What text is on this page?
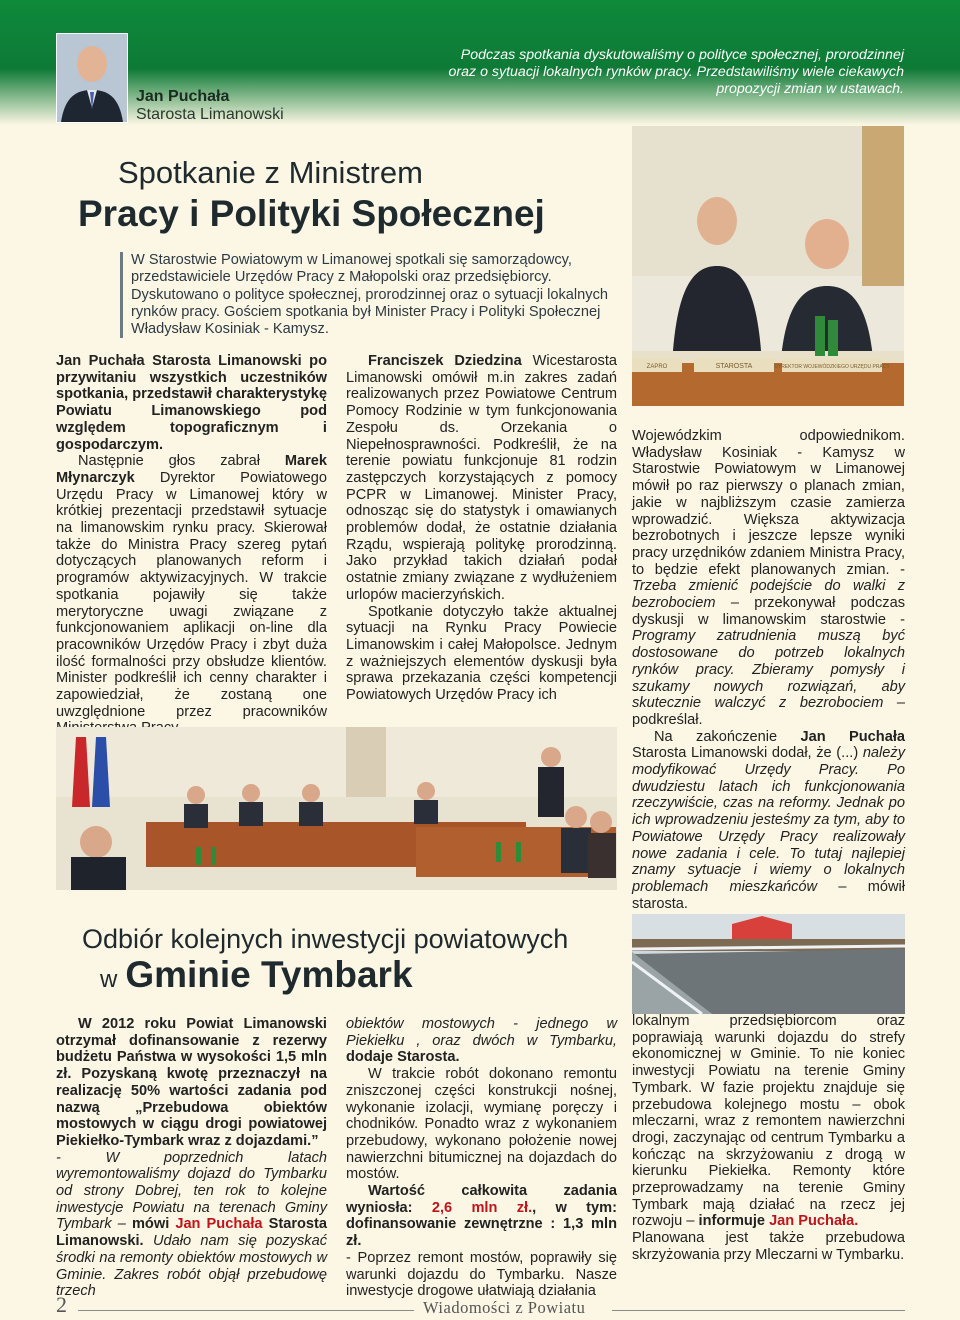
Jan Puchała
Starosta Limanowski
Podczas spotkania dyskutowaliśmy o polityce społecznej, prorodzinnej oraz o sytuacji lokalnych rynków pracy. Przedstawiliśmy wiele ciekawych propozycji zmian w ustawach.
Spotkanie z Ministrem
Pracy i Polityki Społecznej
W Starostwie Powiatowym w Limanowej spotkali się samorządowcy, przedstawiciele Urzędów Pracy z Małopolski oraz przedsiębiorcy. Dyskutowano o polityce społecznej, prorodzinnej oraz o sytuacji lokalnych rynków pracy. Gościem spotkania był Minister Pracy i Polityki Społecznej Władysław Kosiniak - Kamysz.
STAROSTA	DYREKTOR WOJEWÓDZKIEGO URZĘDU PRACY
ZAPRO

Jan Puchała Starosta Limanowski po przywitaniu wszystkich uczestników spotkania, przedstawił charakterystykę Powiatu Limanowskiego pod względem topograficznym i gospodarczym.

Następnie głos zabrał Marek Młynarczyk Dyrektor Powiatowego Urzędu Pracy w Limanowej który w krótkiej prezentacji przedstawił sytuacje na limanowskim rynku pracy. Skierował także do Ministra Pracy szereg pytań dotyczących planowanych reform i programów aktywizacyjnych. W trakcie spotkania pojawiły się także merytoryczne uwagi związane z funkcjonowaniem aplikacji on-line dla pracowników Urzędów Pracy i zbyt duża ilość formalności przy obsłudze klientów. Minister podkreślił ich cenny charakter i zapowiedział, że zostaną one uwzględnione przez pracowników

Franciszek Dziedzina Wicestarosta Limanowski omówił m.in zakres zadań realizowanych przez Powiatowe Centrum Pomocy Rodzinie w tym funkcjonowania Zespołu ds. Orzekania o Niepełnosprawności. Podkreślił, że na terenie powiatu funkcjonuje 81 rodzin zastępczych korzystających z pomocy PCPR w Limanowej. Minister Pracy, odnosząc się do statystyk i omawianych problemów dodał, że ostatnie działania Rządu, wspierają politykę prorodzinną. Jako przykład takich działań podał ostatnie zmiany związane z wydłużeniem urlopów macierzyńskich.

Spotkanie dotyczyło także aktualnej sytuacji na Rynku Pracy Powiecie Limanowskim i całej Małopolsce. Jednym z ważniejszych elementów dyskusji była sprawa przekazania części kompetencji Powiatowych Urzędów Pracy ich

Wojewódzkim odpowiednikom. Władysław Kosiniak - Kamysz w Starostwie Powiatowym w Limanowej mówił po raz pierwszy o planach zmian, jakie w najbliższym czasie zamierza wprowadzić. Większa aktywizacja bezrobotnych i jeszcze lepsze wyniki pracy urzędników zdaniem Ministra Pracy, to będzie efekt planowanych zmian. - Trzeba zmienić podejście do walki z bezrobociem – przekonywał podczas dyskusji w limanowskim starostwie - Programy zatrudnienia muszą być dostosowane do potrzeb lokalnych rynków pracy. Zbieramy pomysły i szukamy nowych rozwiązań, aby skutecznie walczyć z bezrobociem – podkreślał.

Na zakończenie Jan Puchała Starosta Limanowski dodał, że (...) należy modyfikować Urzędy Pracy. Po dwudziestu latach ich funkcjonowania rzeczywiście, czas na reformy. Jednak po ich wprowadzeniu jesteśmy za tym, aby to Powiatowe Urzędy Pracy realizowały nowe zadania i cele. To tutaj najlepiej znamy sytuacje i wiemy o lokalnych problemach mieszkańców – mówił starosta.

Odbiór kolejnych inwestycji powiatowych
w Gminie Tymbark

W 2012 roku Powiat Limanowski otrzymał dofinansowanie z rezerwy budżetu Państwa w wysokości 1,5 mln zł. Pozyskaną kwotę przeznaczył na realizację 50% wartości zadania pod nazwą „Przebudowa obiektów mostowych w ciągu drogi powiatowej Piekiełko-Tymbark wraz z dojazdami.”

- W poprzednich latach wyremontowaliśmy dojazd do Tymbarku od strony Dobrej, ten rok to kolejne inwestycje Powiatu na terenach Gminy Tymbark – mówi Jan Puchała Starosta Limanowski. Udało nam się pozyskać środki na remonty obiektów mostowych w Gminie. Zakres robót objął przebudowę trzech

obiektów mostowych - jednego w Piekiełku , oraz dwóch w Tymbarku, dodaje Starosta.

W trakcie robót dokonano remontu zniszczonej części konstrukcji nośnej, wykonanie izolacji, wymianę poręczy i chodników. Ponadto wraz z wykonaniem przebudowy, wykonano położenie nowej nawierzchni bitumicznej na dojazdach do mostów.

Wartość całkowita zadania wyniosła: 2,6 mln zł., w tym: dofinansowanie zewnętrzne : 1,3 mln zł.

- Poprzez remont mostów, poprawiły się warunki dojazdu do Tymbarku. Nasze inwestycje drogowe ułatwiają działania

lokalnym przedsiębiorcom oraz poprawiają warunki dojazdu do strefy ekonomicznej w Gminie. To nie koniec inwestycji Powiatu na terenie Gminy Tymbark. W fazie projektu znajduje się przebudowa kolejnego mostu – obok mleczarni, wraz z remontem nawierzchni drogi, zaczynając od centrum Tymbarku a kończąc na skrzyżowaniu z drogą w kierunku Piekiełka. Remonty które przeprowadzamy na terenie Gminy Tymbark mają działać na rzecz jej rozwoju – informuje Jan Puchała.

Planowana jest także przebudowa skrzyżowania przy Mleczarni w Tymbarku.

2	Wiadomości z Powiatu
